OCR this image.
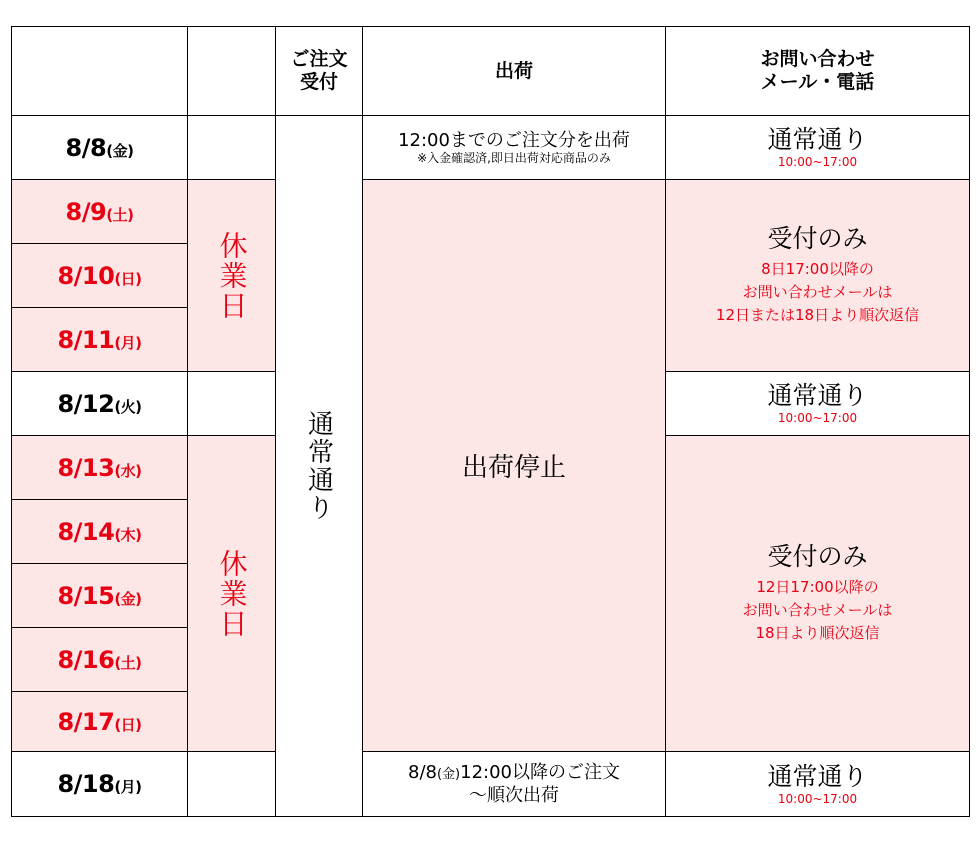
ご注文
受付
出荷
お問い合わせ
メール・電話
8/8(金)
8/9(土)
8/10(日)
8/11(月)
8/12(火)
8/13(水)
8/14(木)
8/15(金)
8/16(土)
8/17(日)
8/18(月)
休業日
休業日
通常通り
12:00までのご注文分を出荷
※入金確認済,即日出荷対応商品のみ
出荷停止
8/8(金)12:00以降のご注文
〜順次出荷
通常通り
10:00~17:00
受付のみ
8日17:00以降の
お問い合わせメールは
12日または18日より順次返信
通常通り
10:00~17:00
受付のみ
12日17:00以降の
お問い合わせメールは
18日より順次返信
通常通り
10:00~17:00
